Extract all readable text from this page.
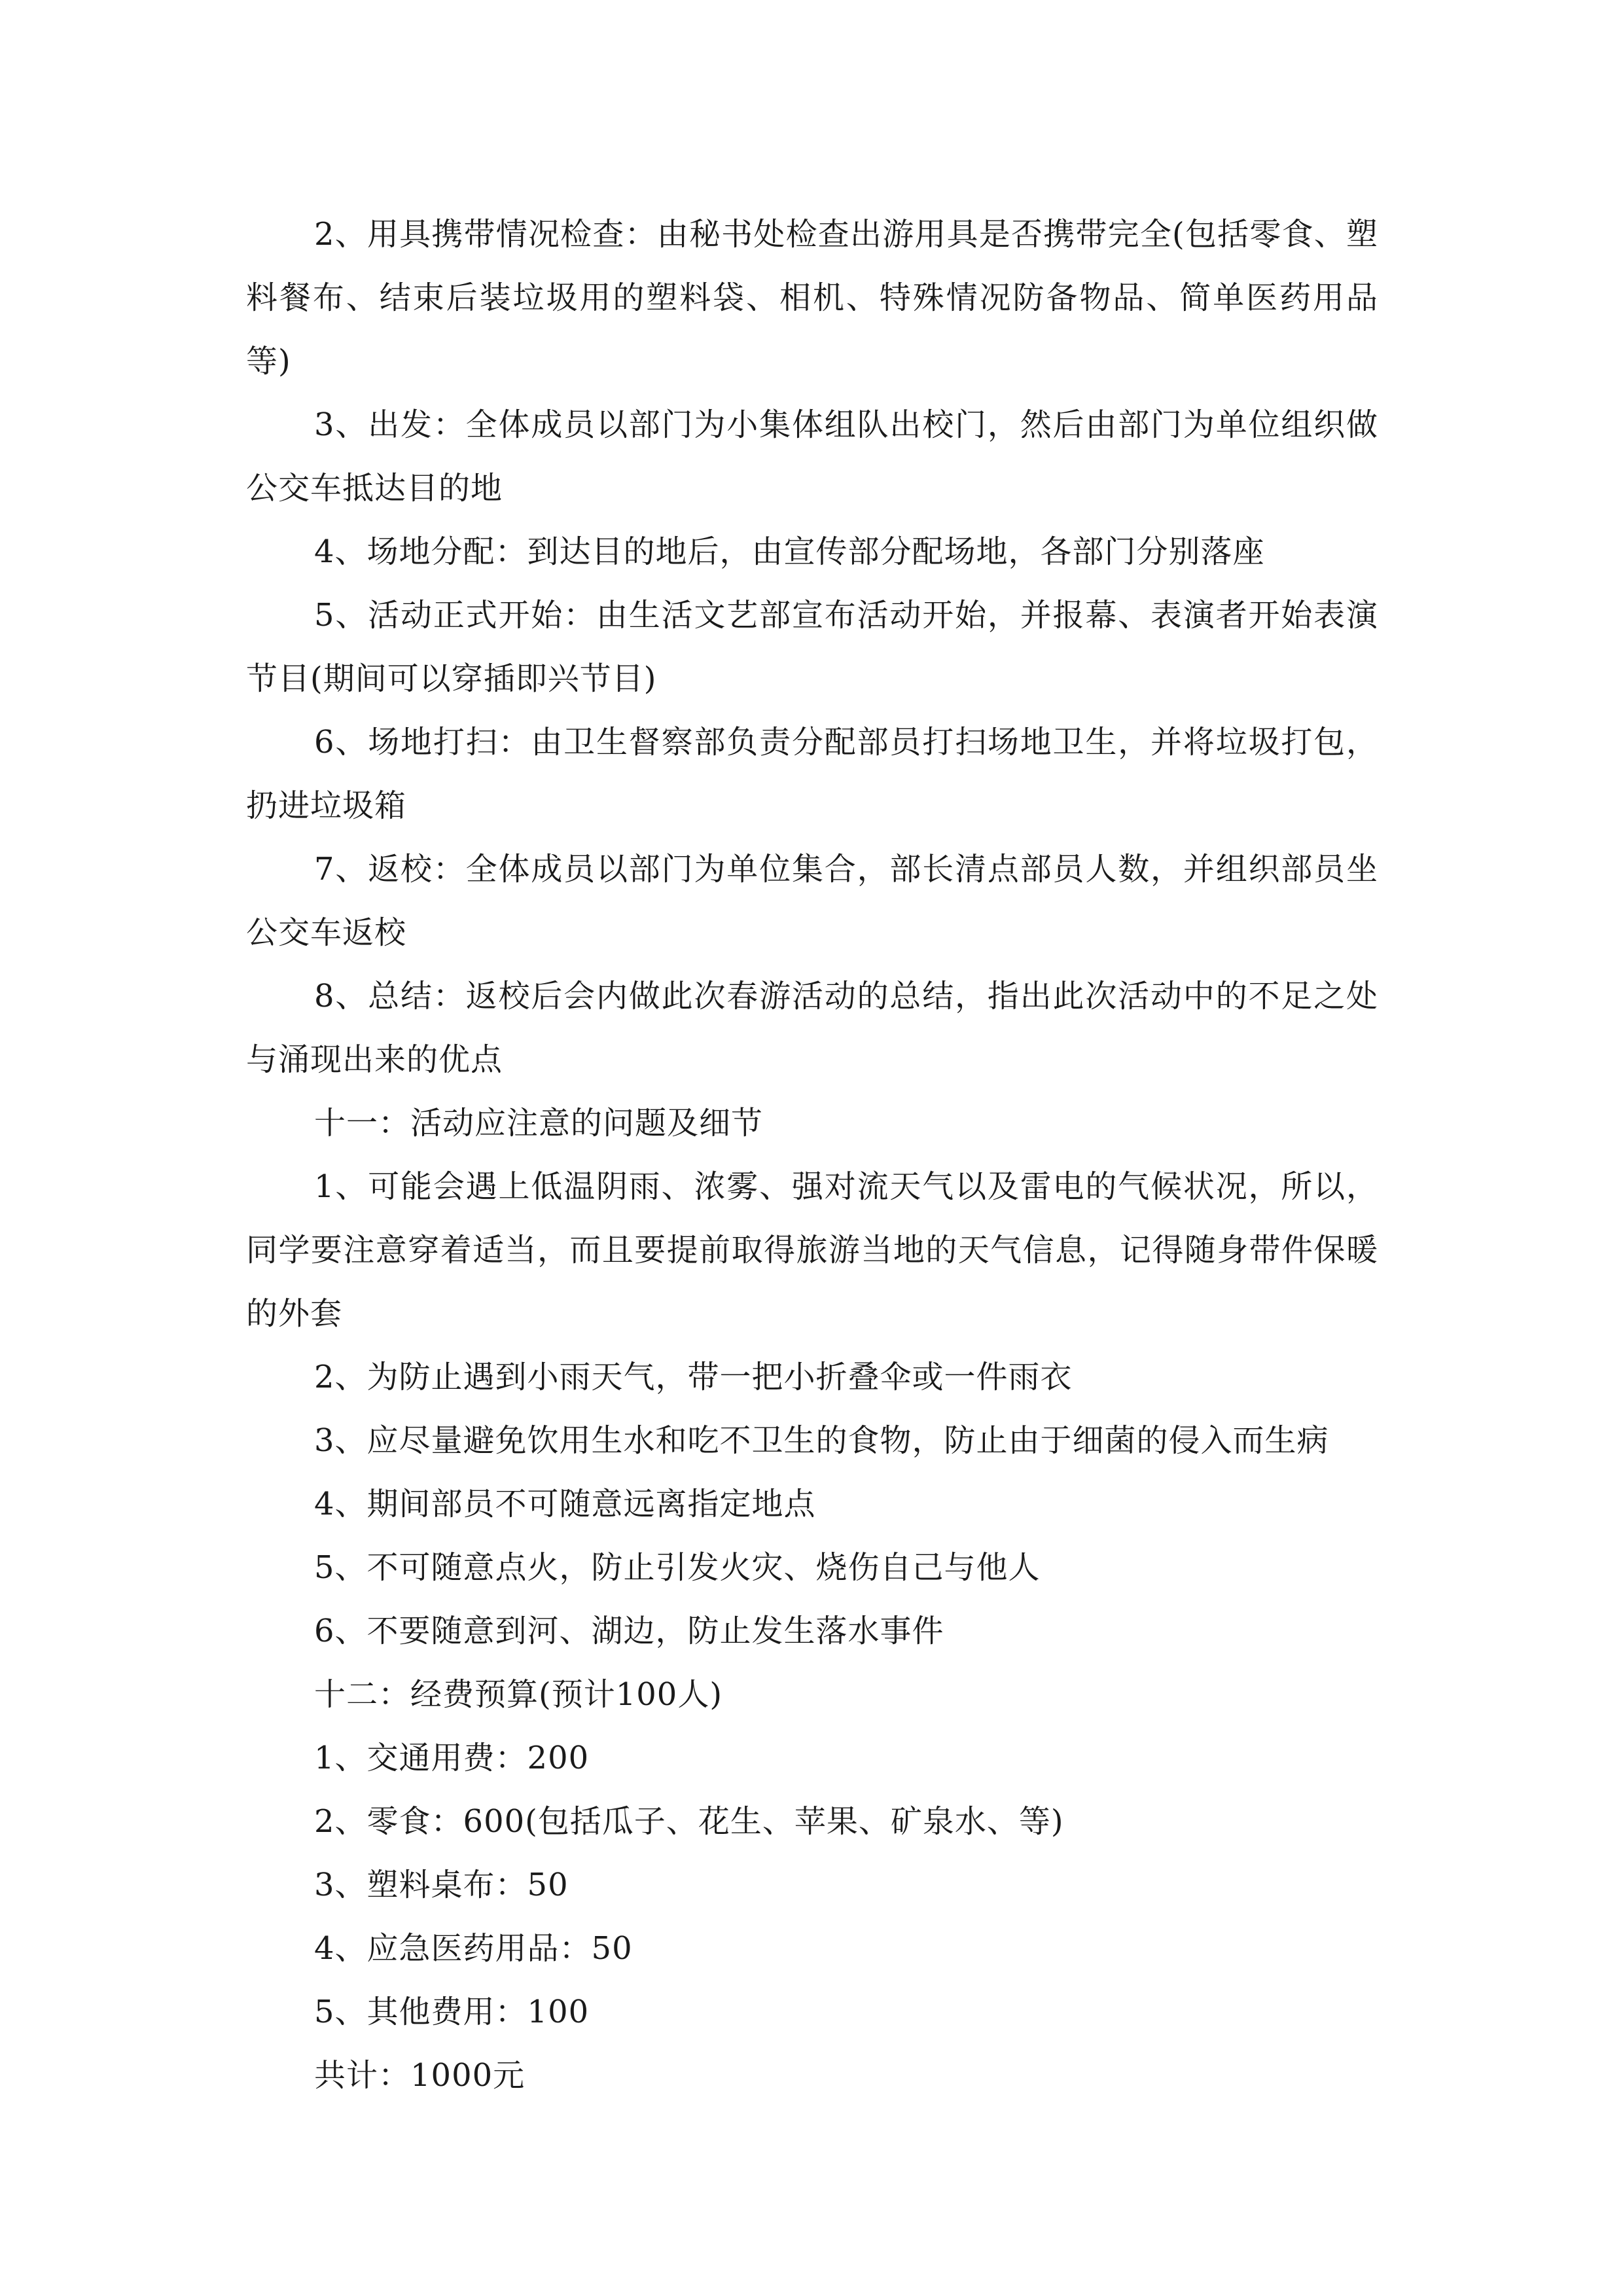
2、用具携带情况检查：由秘书处检查出游用具是否携带完全(包括零食、塑料餐布、结束后装垃圾用的塑料袋、相机、特殊情况防备物品、简单医药用品等)

3、出发：全体成员以部门为小集体组队出校门，然后由部门为单位组织做公交车抵达目的地

4、场地分配：到达目的地后，由宣传部分配场地，各部门分别落座

5、活动正式开始：由生活文艺部宣布活动开始，并报幕、表演者开始表演节目(期间可以穿插即兴节目)

6、场地打扫：由卫生督察部负责分配部员打扫场地卫生，并将垃圾打包，扔进垃圾箱

7、返校：全体成员以部门为单位集合，部长清点部员人数，并组织部员坐公交车返校

8、总结：返校后会内做此次春游活动的总结，指出此次活动中的不足之处与涌现出来的优点

十一：活动应注意的问题及细节

1、可能会遇上低温阴雨、浓雾、强对流天气以及雷电的气候状况，所以，同学要注意穿着适当，而且要提前取得旅游当地的天气信息，记得随身带件保暖的外套

2、为防止遇到小雨天气，带一把小折叠伞或一件雨衣

3、应尽量避免饮用生水和吃不卫生的食物，防止由于细菌的侵入而生病

4、期间部员不可随意远离指定地点

5、不可随意点火，防止引发火灾、烧伤自己与他人

6、不要随意到河、湖边，防止发生落水事件

十二：经费预算(预计100人)

1、交通用费：200

2、零食：600(包括瓜子、花生、苹果、矿泉水、等)

3、塑料桌布：50

4、应急医药用品：50

5、其他费用：100

共计：1000元
